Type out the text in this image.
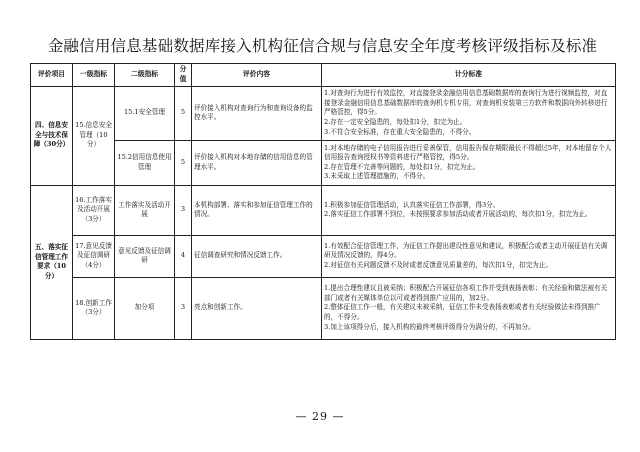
金融信用信息基础数据库接入机构征信合规与信息安全年度考核评级指标及标准
评价项目	一级指标	二级指标	分值	评价内容	计分标准
四、信息安全与技术保障（30分）	15.信息安全管理（10分）	15.1安全管理	5	评价接入机构对查询行为和查询设备的监控水平。	1.对查询行为进行有效监控，对直接登录金融信用信息基础数据库的查询行为进行视频监控，对直接登录金融信用信息基础数据库的查询机专机专用，对查询机安装第三方软件和数据向外转移进行严格管控，得5分。
2.存在一定安全隐患的，每处扣1分，扣完为止。
3.不符合安全标准，存在重大安全隐患的，不得分。

		15.2信用信息使用管理	5	评价接入机构对本地存储的信用信息的管理水平。	1.对本地存储的电子信用报告进行妥善保管，信用报告保存期限最长不得超过5年，对本地留存个人信用报告查询授权书等资料进行严格管控，得5分。
2.存在管理不完善等问题的，每处扣1分，扣完为止。
3.未采取上述管理措施的，不得分。

五、落实征信管理工作要求（10分）	16.工作落实及活动开展（3分）	工作落实及活动开展	3	本机构部署、落实和参加征信管理工作的情况。	1.积极参加征信管理活动，认真落实征信工作部署，得3分。
2.落实征信工作部署不到位，未按照要求参加活动或者开展活动的，每次扣1分，扣完为止。

	17.意见反馈及征信调研（4分）	意见反馈及征信调研	4	征信调查研究和情况反馈工作。	1.有效配合征信管理工作，为征信工作提出建设性意见和建议，积极配合或者主动开展征信有关调研及情况反馈的，得4分。
2.对征信有关问题反馈不及时或者反馈意见质量差的，每次扣1分，扣完为止。

	18.创新工作（3分）	加分项	3	亮点和创新工作。	1.提出合理性建议且被采纳；积极配合开展征信各项工作并受到表扬表彰；有关经验和做法被有关部门或者有关媒体单位以可或者得到推广应用的，加2分。
2.整体征信工作一般，有关建议未被采纳，征信工作未受表扬表彰或者有关经验做法未得到推广的，不得分。
3.加上该项得分后，接入机构的最终考核评级得分为满分的，不再加分。
— 29 —
